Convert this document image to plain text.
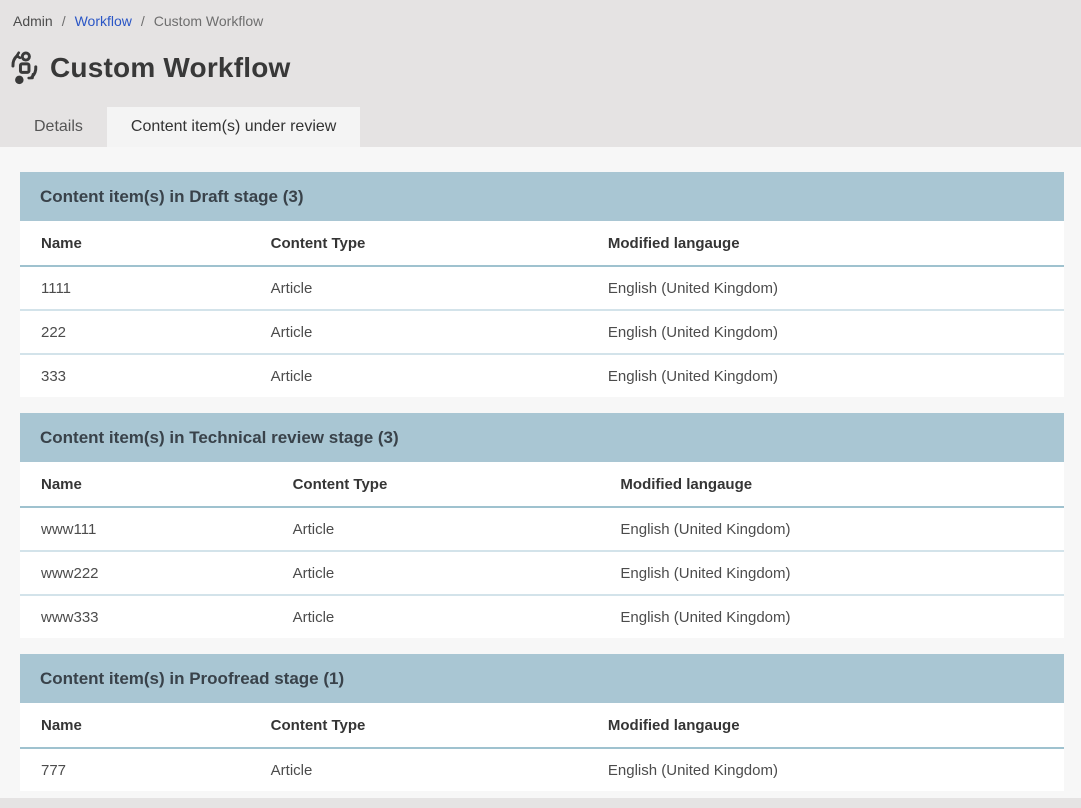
Admin / Workflow / Custom Workflow
Custom Workflow
Details	Content item(s) under review
Content item(s) in Draft stage (3)
Name	Content Type	Modified langauge
1111	Article	English (United Kingdom)
222	Article	English (United Kingdom)
333	Article	English (United Kingdom)
Content item(s) in Technical review stage (3)
Name	Content Type	Modified langauge
www111	Article	English (United Kingdom)
www222	Article	English (United Kingdom)
www333	Article	English (United Kingdom)
Content item(s) in Proofread stage (1)
Name	Content Type	Modified langauge
777	Article	English (United Kingdom)
